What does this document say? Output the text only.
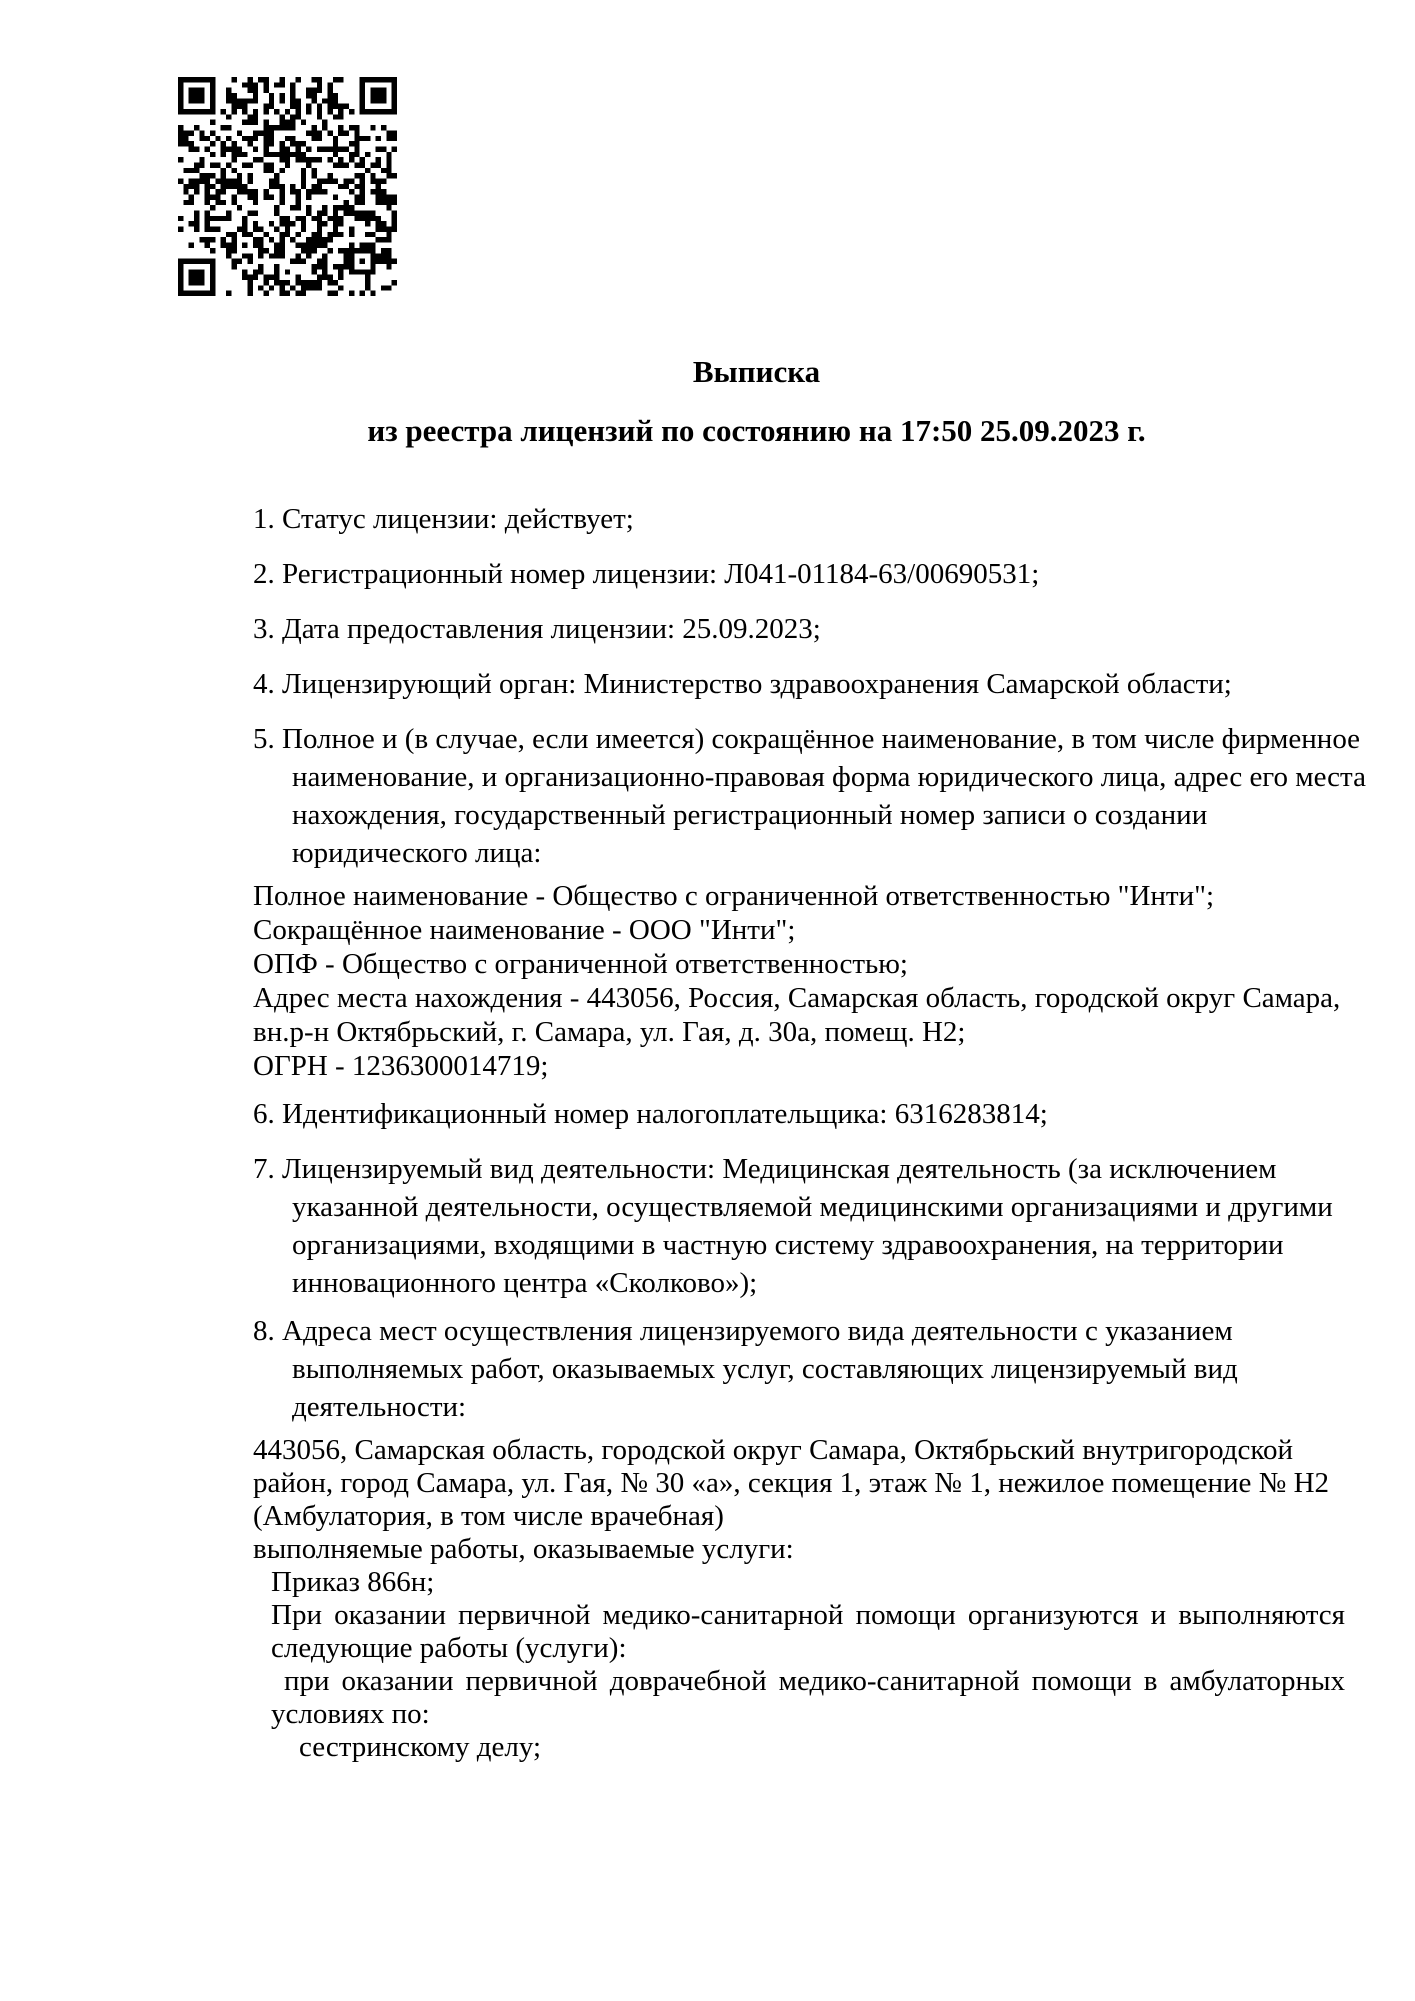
Выписка
из реестра лицензий по состоянию на 17:50 25.09.2023 г.
1. Статус лицензии: действует;
2. Регистрационный номер лицензии: Л041-01184-63/00690531;
3. Дата предоставления лицензии: 25.09.2023;
4. Лицензирующий орган: Министерство здравоохранения Самарской области;
5. Полное и (в случае, если имеется) сокращённое наименование, в том числе фирменное
наименование, и организационно-правовая форма юридического лица, адрес его места
нахождения, государственный регистрационный номер записи о создании
юридического лица:
Полное наименование - Общество с ограниченной ответственностью "Инти";
Сокращённое наименование - ООО "Инти";
ОПФ - Общество с ограниченной ответственностью;
Адрес места нахождения - 443056, Россия, Самарская область, городской округ Самара,
вн.р-н Октябрьский, г. Самара, ул. Гая, д. 30а, помещ. Н2;
ОГРН - 1236300014719;
6. Идентификационный номер налогоплательщика: 6316283814;
7. Лицензируемый вид деятельности: Медицинская деятельность (за исключением
указанной деятельности, осуществляемой медицинскими организациями и другими
организациями, входящими в частную систему здравоохранения, на территории
инновационного центра «Сколково»);
8. Адреса мест осуществления лицензируемого вида деятельности с указанием
выполняемых работ, оказываемых услуг, составляющих лицензируемый вид
деятельности:
443056, Самарская область, городской округ Самара, Октябрьский внутригородской
район, город Самара, ул. Гая, № 30 «а», секция 1, этаж № 1, нежилое помещение № Н2
(Амбулатория, в том числе врачебная)
выполняемые работы, оказываемые услуги:
Приказ 866н;
При оказании первичной медико-санитарной помощи организуются и выполняются
следующие работы (услуги):
при оказании первичной доврачебной медико-санитарной помощи в амбулаторных
условиях по:
сестринскому делу;
